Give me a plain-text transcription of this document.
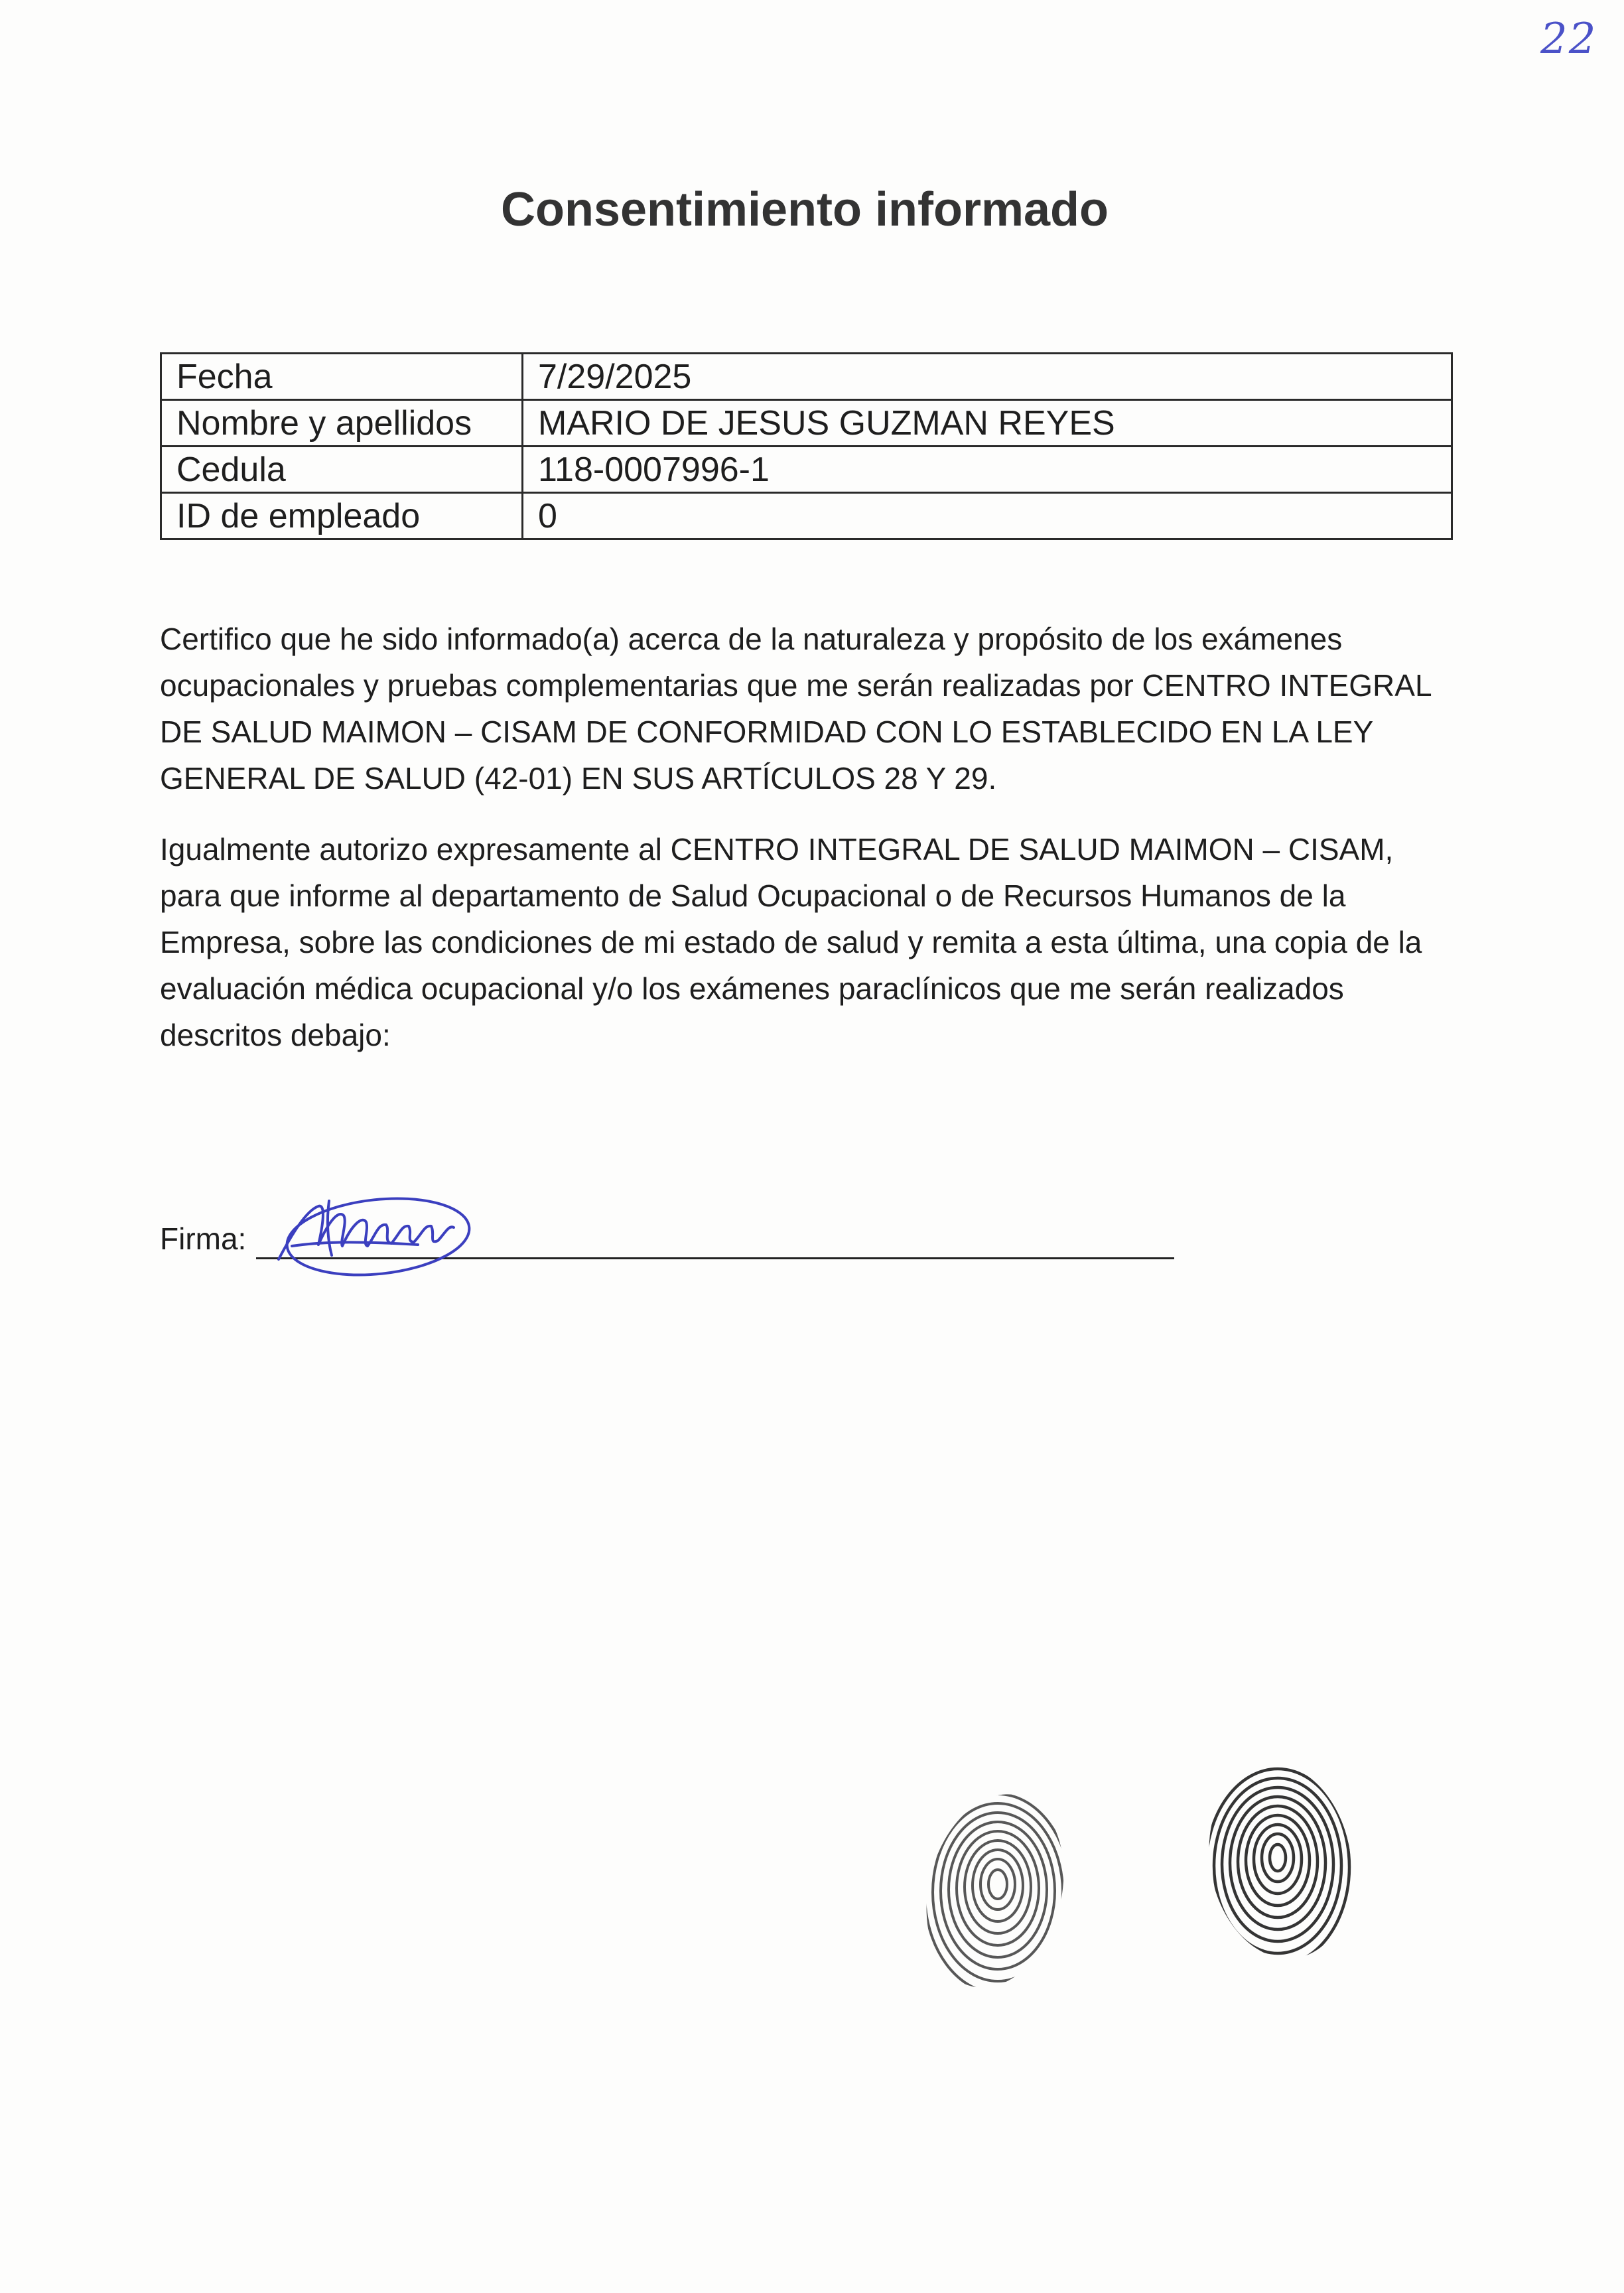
22
Consentimiento informado
Fecha	7/29/2025
Nombre y apellidos	MARIO DE JESUS GUZMAN REYES
Cedula	118-0007996-1
ID de empleado	0

Certifico que he sido informado(a) acerca de la naturaleza y propósito de los exámenes ocupacionales y pruebas complementarias que me serán realizadas por CENTRO INTEGRAL DE SALUD MAIMON – CISAM DE CONFORMIDAD CON LO ESTABLECIDO EN LA LEY GENERAL DE SALUD (42-01) EN SUS ARTÍCULOS 28 Y 29.

Igualmente autorizo expresamente al CENTRO INTEGRAL DE SALUD MAIMON – CISAM, para que informe al departamento de Salud Ocupacional o de Recursos Humanos de la Empresa, sobre las condiciones de mi estado de salud y remita a esta última, una copia de la evaluación médica ocupacional y/o los exámenes paraclínicos que me serán realizados descritos debajo:

Firma:
